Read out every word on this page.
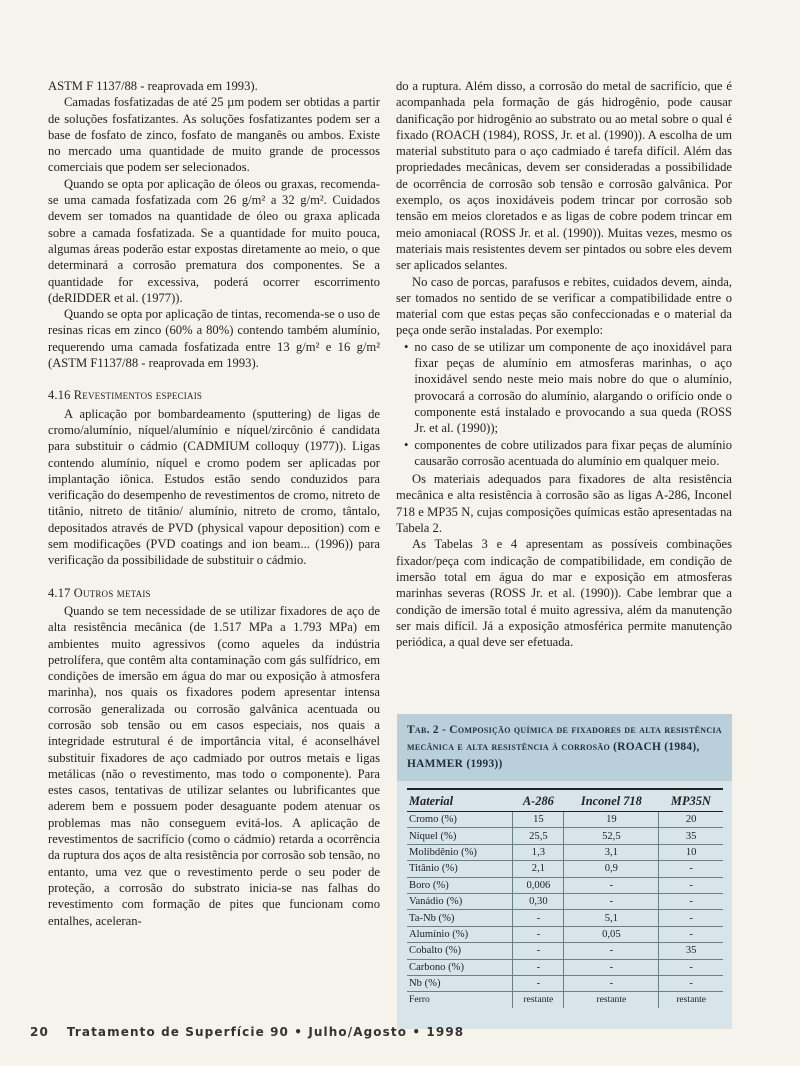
ASTM F 1137/88 - reaprovada em 1993).

Camadas fosfatizadas de até 25 µm podem ser obtidas a partir de soluções fosfatizantes. As soluções fosfatizantes podem ser a base de fosfato de zinco, fosfato de manganês ou ambos. Existe no mercado uma quantidade de muito grande de processos comerciais que podem ser selecionados.

Quando se opta por aplicação de óleos ou graxas, recomenda-se uma camada fosfatizada com 26 g/m² a 32 g/m². Cuidados devem ser tomados na quantidade de óleo ou graxa aplicada sobre a camada fosfatizada. Se a quantidade for muito pouca, algumas áreas poderão estar expostas diretamente ao meio, o que determinará a corrosão prematura dos componentes. Se a quantidade for excessiva, poderá ocorrer escorrimento (deRIDDER et al. (1977)).

Quando se opta por aplicação de tintas, recomenda-se o uso de resinas ricas em zinco (60% a 80%) contendo também alumínio, requerendo uma camada fosfatizada entre 13 g/m² e 16 g/m² (ASTM F1137/88 - reaprovada em 1993).

4.16 Revestimentos especiais

A aplicação por bombardeamento (sputtering) de ligas de cromo/alumínio, níquel/alumínio e níquel/zircônio é candidata para substituir o cádmio (CADMIUM colloquy (1977)). Ligas contendo alumínio, níquel e cromo podem ser aplicadas por implantação iônica. Estudos estão sendo conduzidos para verificação do desempenho de revestimentos de cromo, nitreto de titânio, nitreto de titânio/ alumínio, nitreto de cromo, tântalo, depositados através de PVD (physical vapour deposition) com e sem modificações (PVD coatings and ion beam... (1996)) para verificação da possibilidade de substituir o cádmio.

4.17 Outros metais

Quando se tem necessidade de se utilizar fixadores de aço de alta resistência mecânica (de 1.517 MPa a 1.793 MPa) em ambientes muito agressivos (como aqueles da indústria petrolífera, que contêm alta contaminação com gás sulfídrico, em condições de imersão em água do mar ou exposição à atmosfera marinha), nos quais os fixadores podem apresentar intensa corrosão generalizada ou corrosão galvânica acentuada ou corrosão sob tensão ou em casos especiais, nos quais a integridade estrutural é de importância vital, é aconselhável substituir fixadores de aço cadmiado por outros metais e ligas metálicas (não o revestimento, mas todo o componente). Para estes casos, tentativas de utilizar selantes ou lubrificantes que aderem bem e possuem poder desaguante podem atenuar os problemas mas não conseguem evitá-los. A aplicação de revestimentos de sacrifício (como o cádmio) retarda a ocorrência da ruptura dos aços de alta resistência por corrosão sob tensão, no entanto, uma vez que o revestimento perde o seu poder de proteção, a corrosão do substrato inicia-se nas falhas do revestimento com formação de pites que funcionam como entalhes, aceleran-

do a ruptura. Além disso, a corrosão do metal de sacrifício, que é acompanhada pela formação de gás hidrogênio, pode causar danificação por hidrogênio ao substrato ou ao metal sobre o qual é fixado (ROACH (1984), ROSS, Jr. et al. (1990)). A escolha de um material substituto para o aço cadmiado é tarefa difícil. Além das propriedades mecânicas, devem ser consideradas a possibilidade de ocorrência de corrosão sob tensão e corrosão galvânica. Por exemplo, os aços inoxidáveis podem trincar por corrosão sob tensão em meios cloretados e as ligas de cobre podem trincar em meio amoniacal (ROSS Jr. et al. (1990)). Muitas vezes, mesmo os materiais mais resistentes devem ser pintados ou sobre eles devem ser aplicados selantes.

No caso de porcas, parafusos e rebites, cuidados devem, ainda, ser tomados no sentido de se verificar a compatibilidade entre o material com que estas peças são confeccionadas e o material da peça onde serão instaladas. Por exemplo:

• no caso de se utilizar um componente de aço inoxidável para fixar peças de alumínio em atmosferas marinhas, o aço inoxidável sendo neste meio mais nobre do que o alumínio, provocará a corrosão do alumínio, alargando o orifício onde o componente está instalado e provocando a sua queda (ROSS Jr. et al. (1990));
• componentes de cobre utilizados para fixar peças de alumínio causarão corrosão acentuada do alumínio em qualquer meio.

Os materiais adequados para fixadores de alta resistência mecânica e alta resistência à corrosão são as ligas A-286, Inconel 718 e MP35 N, cujas composições químicas estão apresentadas na Tabela 2.

As Tabelas 3 e 4 apresentam as possíveis combinações fixador/peça com indicação de compatibilidade, em condição de imersão total em água do mar e exposição em atmosferas marinhas severas (ROSS Jr. et al. (1990)). Cabe lembrar que a condição de imersão total é muito agressiva, além da manutenção ser mais difícil. Já a exposição atmosférica permite manutenção periódica, a qual deve ser efetuada.

Tab. 2 - Composição química de fixadores de alta resistência mecânica e alta resistência à corrosão (ROACH (1984), HAMMER (1993))
Material	A-286	Inconel 718	MP35N
Cromo (%)	15	19	20
Níquel (%)	25,5	52,5	35
Molibdênio (%)	1,3	3,1	10
Titânio (%)	2,1	0,9	-
Boro (%)	0,006	-	-
Vanádio (%)	0,30	-	-
Ta-Nb (%)	-	5,1	-
Alumínio (%)	-	0,05	-
Cobalto (%)	-	-	35
Carbono (%)	-	-	-
Nb (%)	-	-	-
Ferro	restante	restante	restante
20 Tratamento de Superfície 90 • Julho/Agosto • 1998
